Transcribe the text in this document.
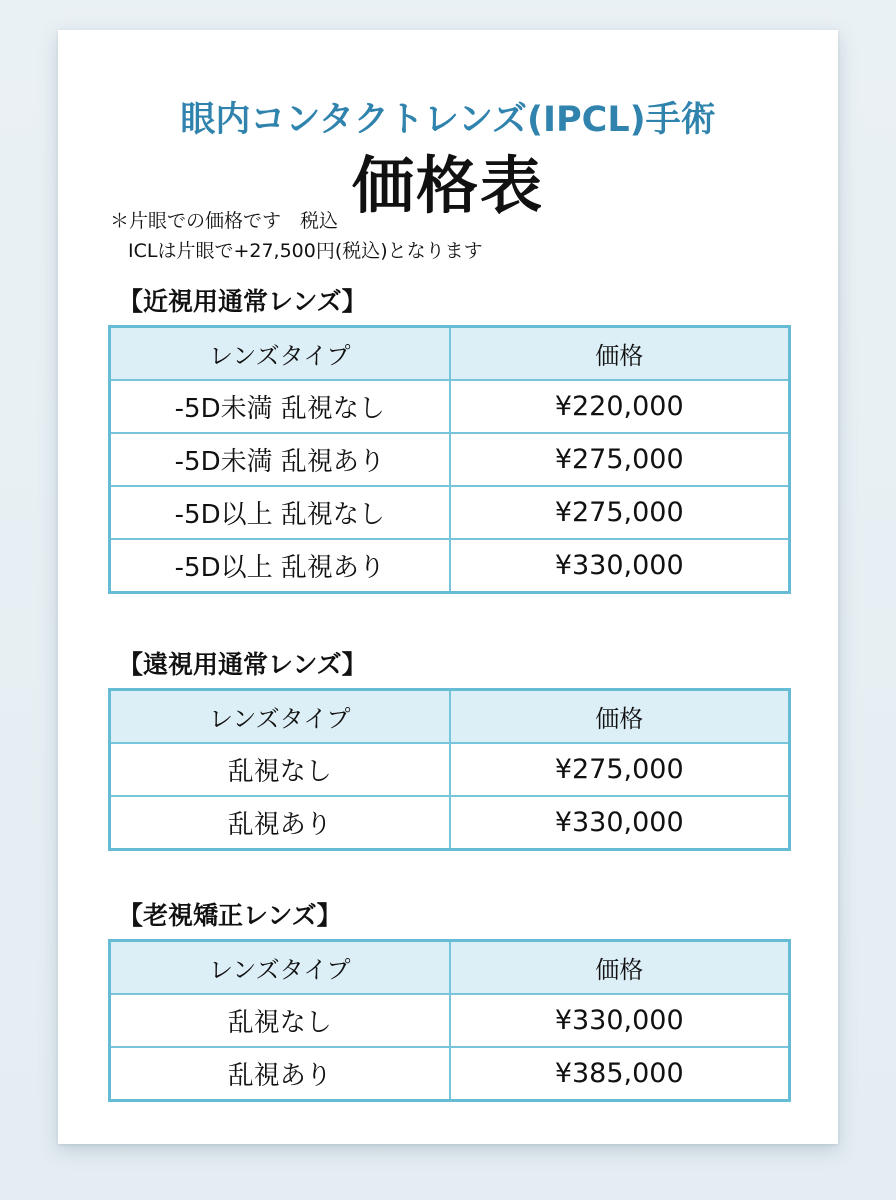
眼内コンタクトレンズ(IPCL)手術
価格表
＊片眼での価格です　税込
ICLは片眼で+27,500円(税込)となります
【近視用通常レンズ】
レンズタイプ	価格
-5D未満 乱視なし	¥220,000
-5D未満 乱視あり	¥275,000
-5D以上 乱視なし	¥275,000
-5D以上 乱視あり	¥330,000
【遠視用通常レンズ】
レンズタイプ	価格
乱視なし	¥275,000
乱視あり	¥330,000
【老視矯正レンズ】
レンズタイプ	価格
乱視なし	¥330,000
乱視あり	¥385,000
